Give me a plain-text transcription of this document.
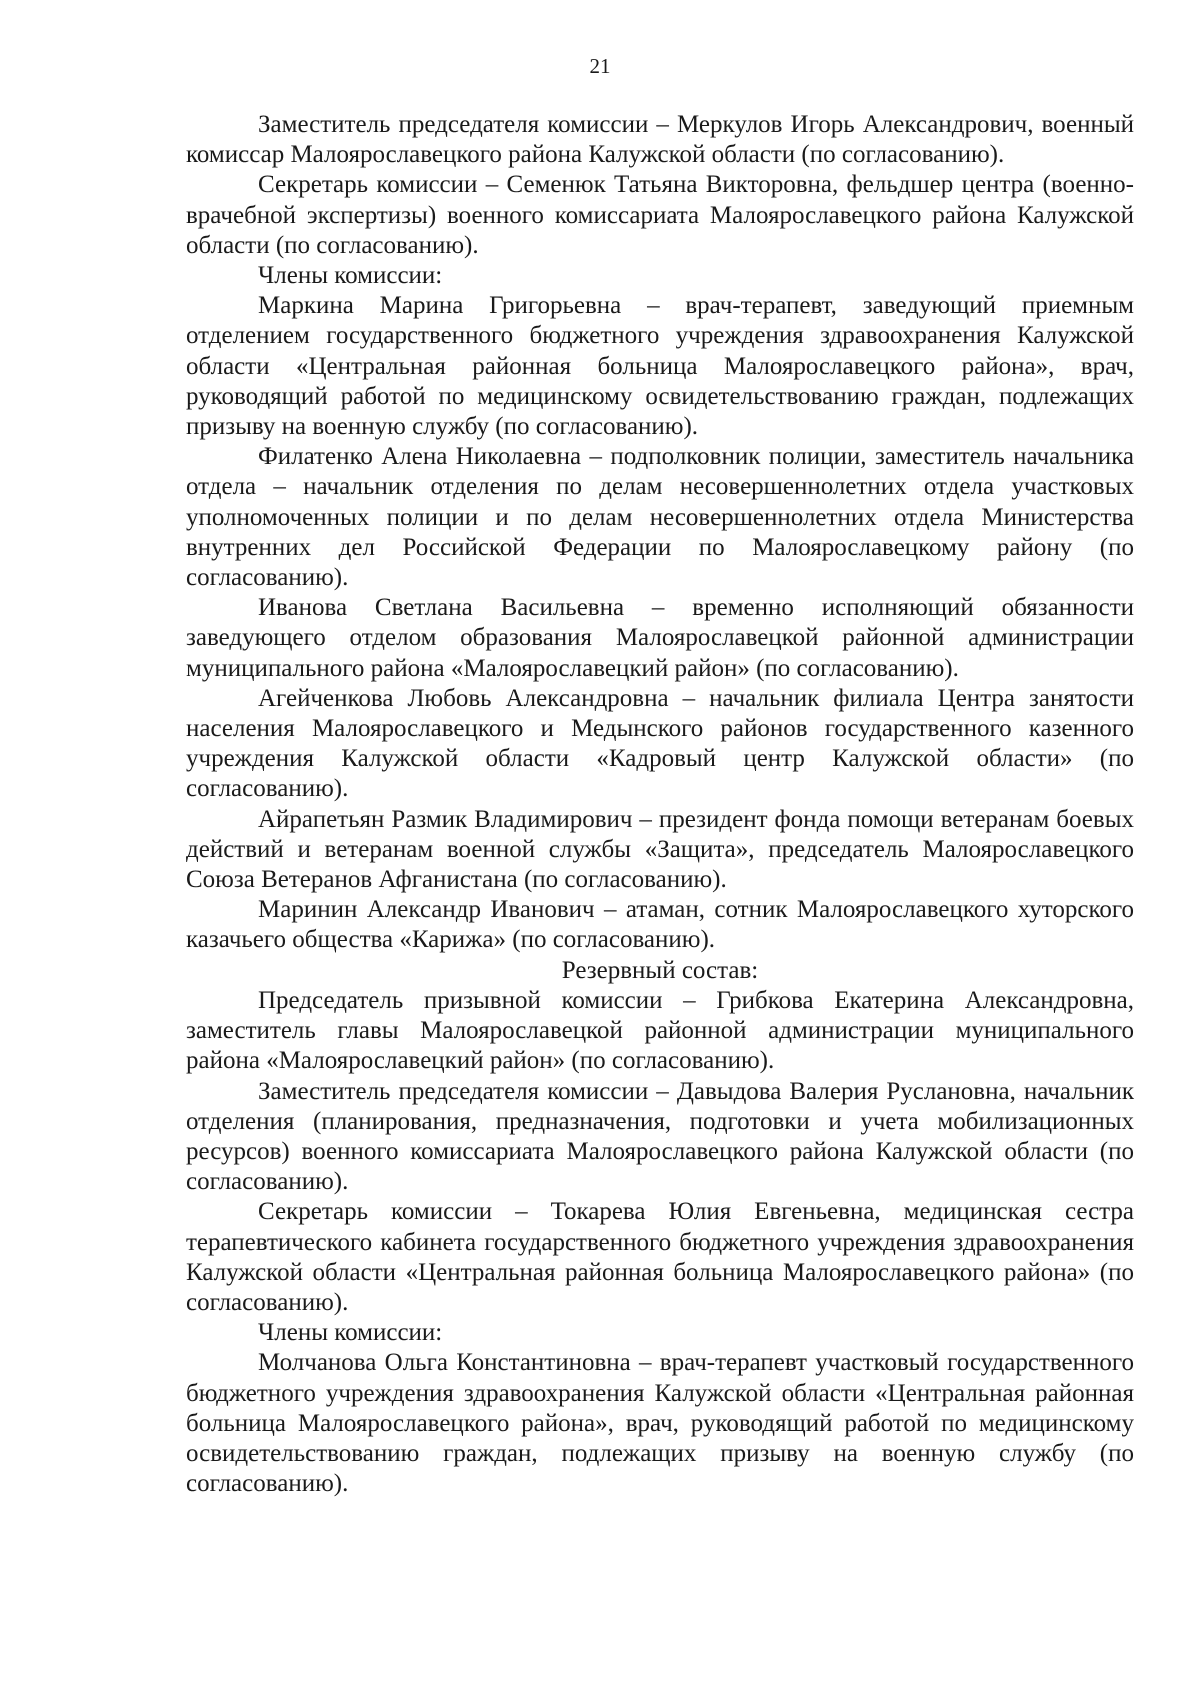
21

Заместитель председателя комиссии – Меркулов Игорь Александрович, военный комиссар Малоярославецкого района Калужской области (по согласованию).

Секретарь комиссии – Семенюк Татьяна Викторовна, фельдшер центра (военно-врачебной экспертизы) военного комиссариата Малоярославецкого района Калужской области (по согласованию).

Члены комиссии:

Маркина Марина Григорьевна – врач-терапевт, заведующий приемным отделением государственного бюджетного учреждения здравоохранения Калужской области «Центральная районная больница Малоярославецкого района», врач, руководящий работой по медицинскому освидетельствованию граждан, подлежащих призыву на военную службу (по согласованию).

Филатенко Алена Николаевна – подполковник полиции, заместитель начальника отдела – начальник отделения по делам несовершеннолетних отдела участковых уполномоченных полиции и по делам несовершеннолетних отдела Министерства внутренних дел Российской Федерации по Малоярославецкому району (по согласованию).

Иванова Светлана Васильевна – временно исполняющий обязанности заведующего отделом образования Малоярославецкой районной администрации муниципального района «Малоярославецкий район» (по согласованию).

Агейченкова Любовь Александровна – начальник филиала Центра занятости населения Малоярославецкого и Медынского районов государственного казенного учреждения Калужской области «Кадровый центр Калужской области» (по согласованию).

Айрапетьян Размик Владимирович – президент фонда помощи ветеранам боевых действий и ветеранам военной службы «Защита», председатель Малоярославецкого Союза Ветеранов Афганистана (по согласованию).

Маринин Александр Иванович – атаман, сотник Малоярославецкого хуторского казачьего общества «Карижа» (по согласованию).

Резервный состав:

Председатель призывной комиссии – Грибкова Екатерина Александровна, заместитель главы Малоярославецкой районной администрации муниципального района «Малоярославецкий район» (по согласованию).

Заместитель председателя комиссии – Давыдова Валерия Руслановна, начальник отделения (планирования, предназначения, подготовки и учета мобилизационных ресурсов) военного комиссариата Малоярославецкого района Калужской области (по согласованию).

Секретарь комиссии – Токарева Юлия Евгеньевна, медицинская сестра терапевтического кабинета государственного бюджетного учреждения здравоохранения Калужской области «Центральная районная больница Малоярославецкого района» (по согласованию).

Члены комиссии:

Молчанова Ольга Константиновна – врач-терапевт участковый государственного бюджетного учреждения здравоохранения Калужской области «Центральная районная больница Малоярославецкого района», врач, руководящий работой по медицинскому освидетельствованию граждан, подлежащих призыву на военную службу (по согласованию).
